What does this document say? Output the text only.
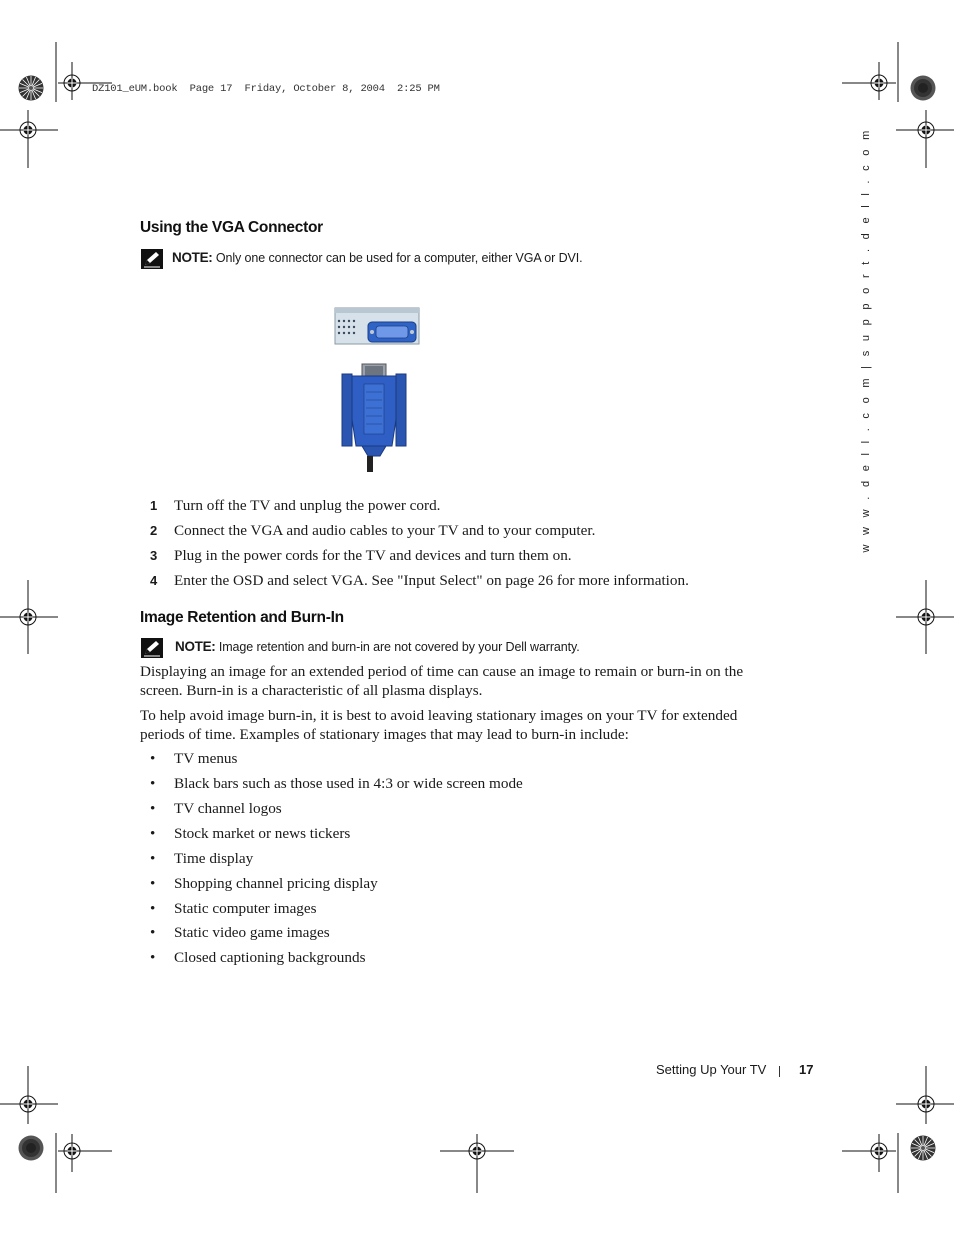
DZ101_eUM.book  Page 17  Friday, October 8, 2004  2:25 PM
w w w . d e l l . c o m | s u p p o r t . d e l l . c o m
Using the VGA Connector
NOTE: Only one connector can be used for a computer, either VGA or DVI.
1 Turn off the TV and unplug the power cord.
2 Connect the VGA and audio cables to your TV and to your computer.
3 Plug in the power cords for the TV and devices and turn them on.
4 Enter the OSD and select VGA. See "Input Select" on page 26 for more information.
Image Retention and Burn-In
NOTE: Image retention and burn-in are not covered by your Dell warranty.

Displaying an image for an extended period of time can cause an image to remain or burn-in on the screen. Burn-in is a characteristic of all plasma displays.

To help avoid image burn-in, it is best to avoid leaving stationary images on your TV for extended periods of time. Examples of stationary images that may lead to burn-in include:

• TV menus
• Black bars such as those used in 4:3 or wide screen mode
• TV channel logos
• Stock market or news tickers
• Time display
• Shopping channel pricing display
• Static computer images
• Static video game images
• Closed captioning backgrounds
Setting Up Your TV	17
